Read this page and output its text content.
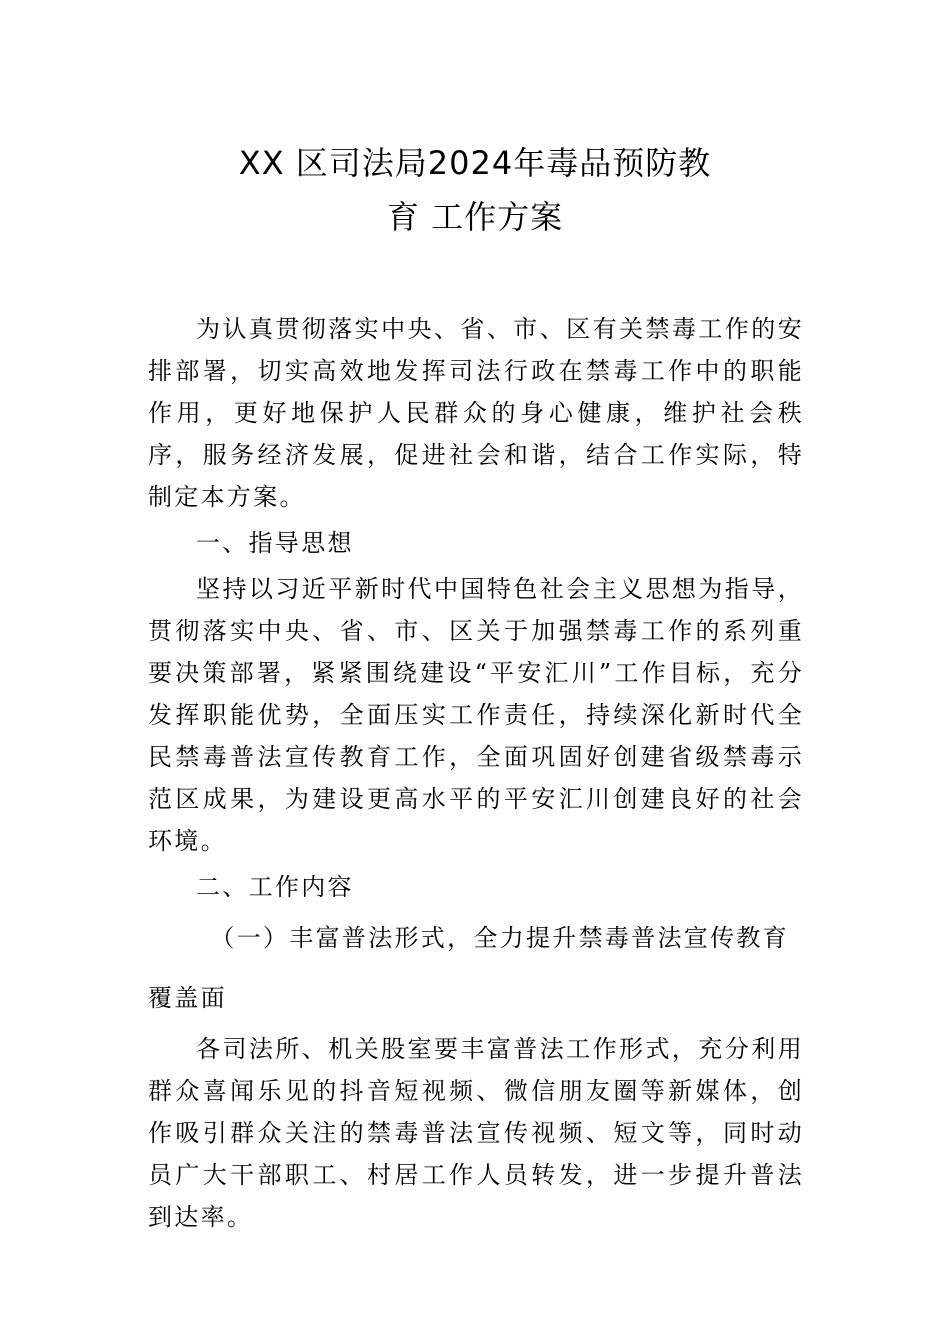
XX 区司法局2024年毒品预防教
育 工作方案

为认真贯彻落实中央、省、市、区有关禁毒工作的安排部署，切实高效地发挥司法行政在禁毒工作中的职能作用，更好地保护人民群众的身心健康，维护社会秩序，服务经济发展，促进社会和谐，结合工作实际，特制定本方案。

一、指导思想

坚持以习近平新时代中国特色社会主义思想为指导，贯彻落实中央、省、市、区关于加强禁毒工作的系列重要决策部署，紧紧围绕建设“平安汇川”工作目标，充分发挥职能优势，全面压实工作责任，持续深化新时代全民禁毒普法宣传教育工作，全面巩固好创建省级禁毒示范区成果，为建设更高水平的平安汇川创建良好的社会环境。

二、工作内容

（一）丰富普法形式，全力提升禁毒普法宣传教育覆盖面

各司法所、机关股室要丰富普法工作形式，充分利用群众喜闻乐见的抖音短视频、微信朋友圈等新媒体，创作吸引群众关注的禁毒普法宣传视频、短文等，同时动员广大干部职工、村居工作人员转发，进一步提升普法到达率。
